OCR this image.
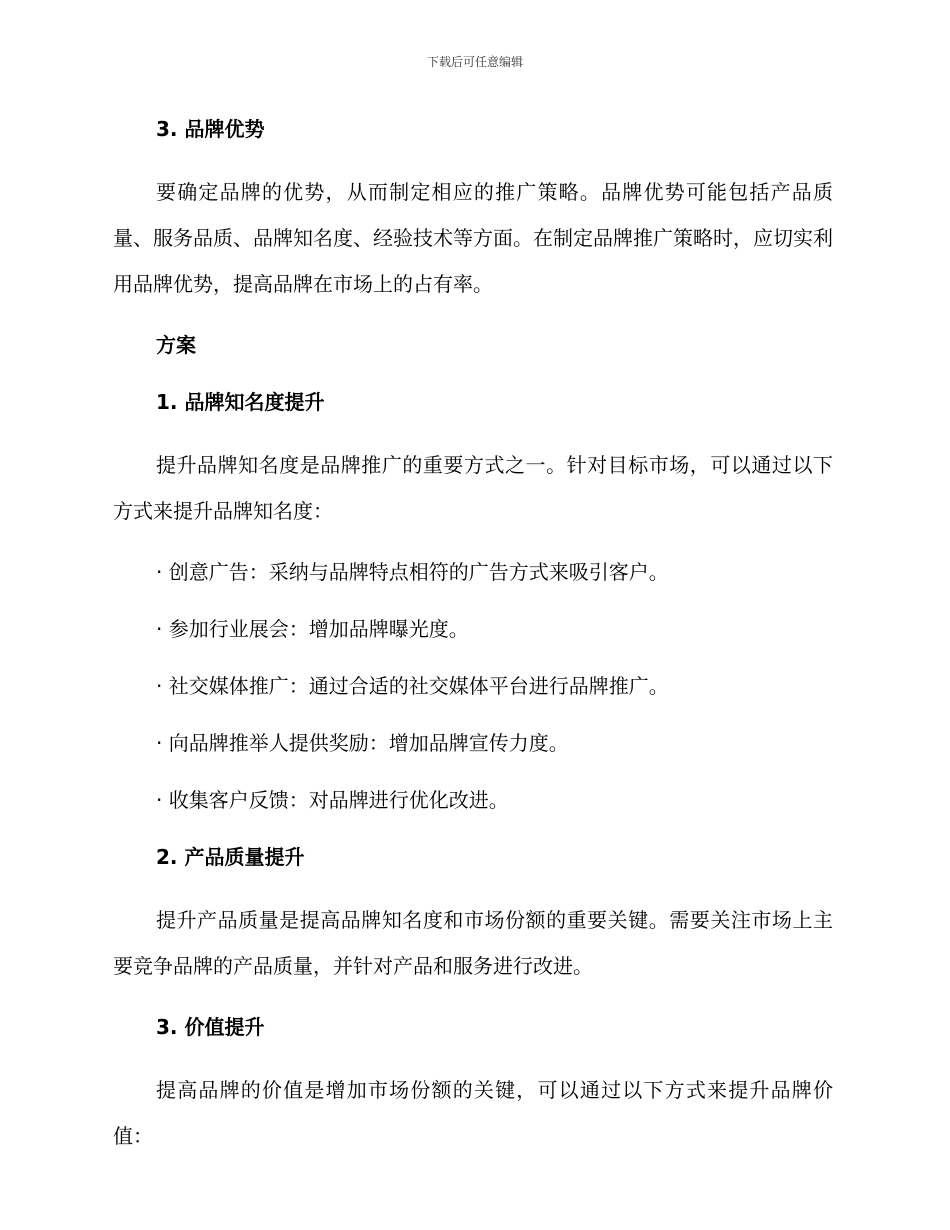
下载后可任意编辑
3. 品牌优势

要确定品牌的优势，从而制定相应的推广策略。品牌优势可能包括产品质量、服务品质、品牌知名度、经验技术等方面。在制定品牌推广策略时，应切实利用品牌优势，提高品牌在市场上的占有率。

方案
1. 品牌知名度提升

提升品牌知名度是品牌推广的重要方式之一。针对目标市场，可以通过以下方式来提升品牌知名度：

· 创意广告：采纳与品牌特点相符的广告方式来吸引客户。
· 参加行业展会：增加品牌曝光度。
· 社交媒体推广：通过合适的社交媒体平台进行品牌推广。
· 向品牌推举人提供奖励：增加品牌宣传力度。
· 收集客户反馈：对品牌进行优化改进。
2. 产品质量提升

提升产品质量是提高品牌知名度和市场份额的重要关键。需要关注市场上主要竞争品牌的产品质量，并针对产品和服务进行改进。

3. 价值提升

提高品牌的价值是增加市场份额的关键，可以通过以下方式来提升品牌价值：
